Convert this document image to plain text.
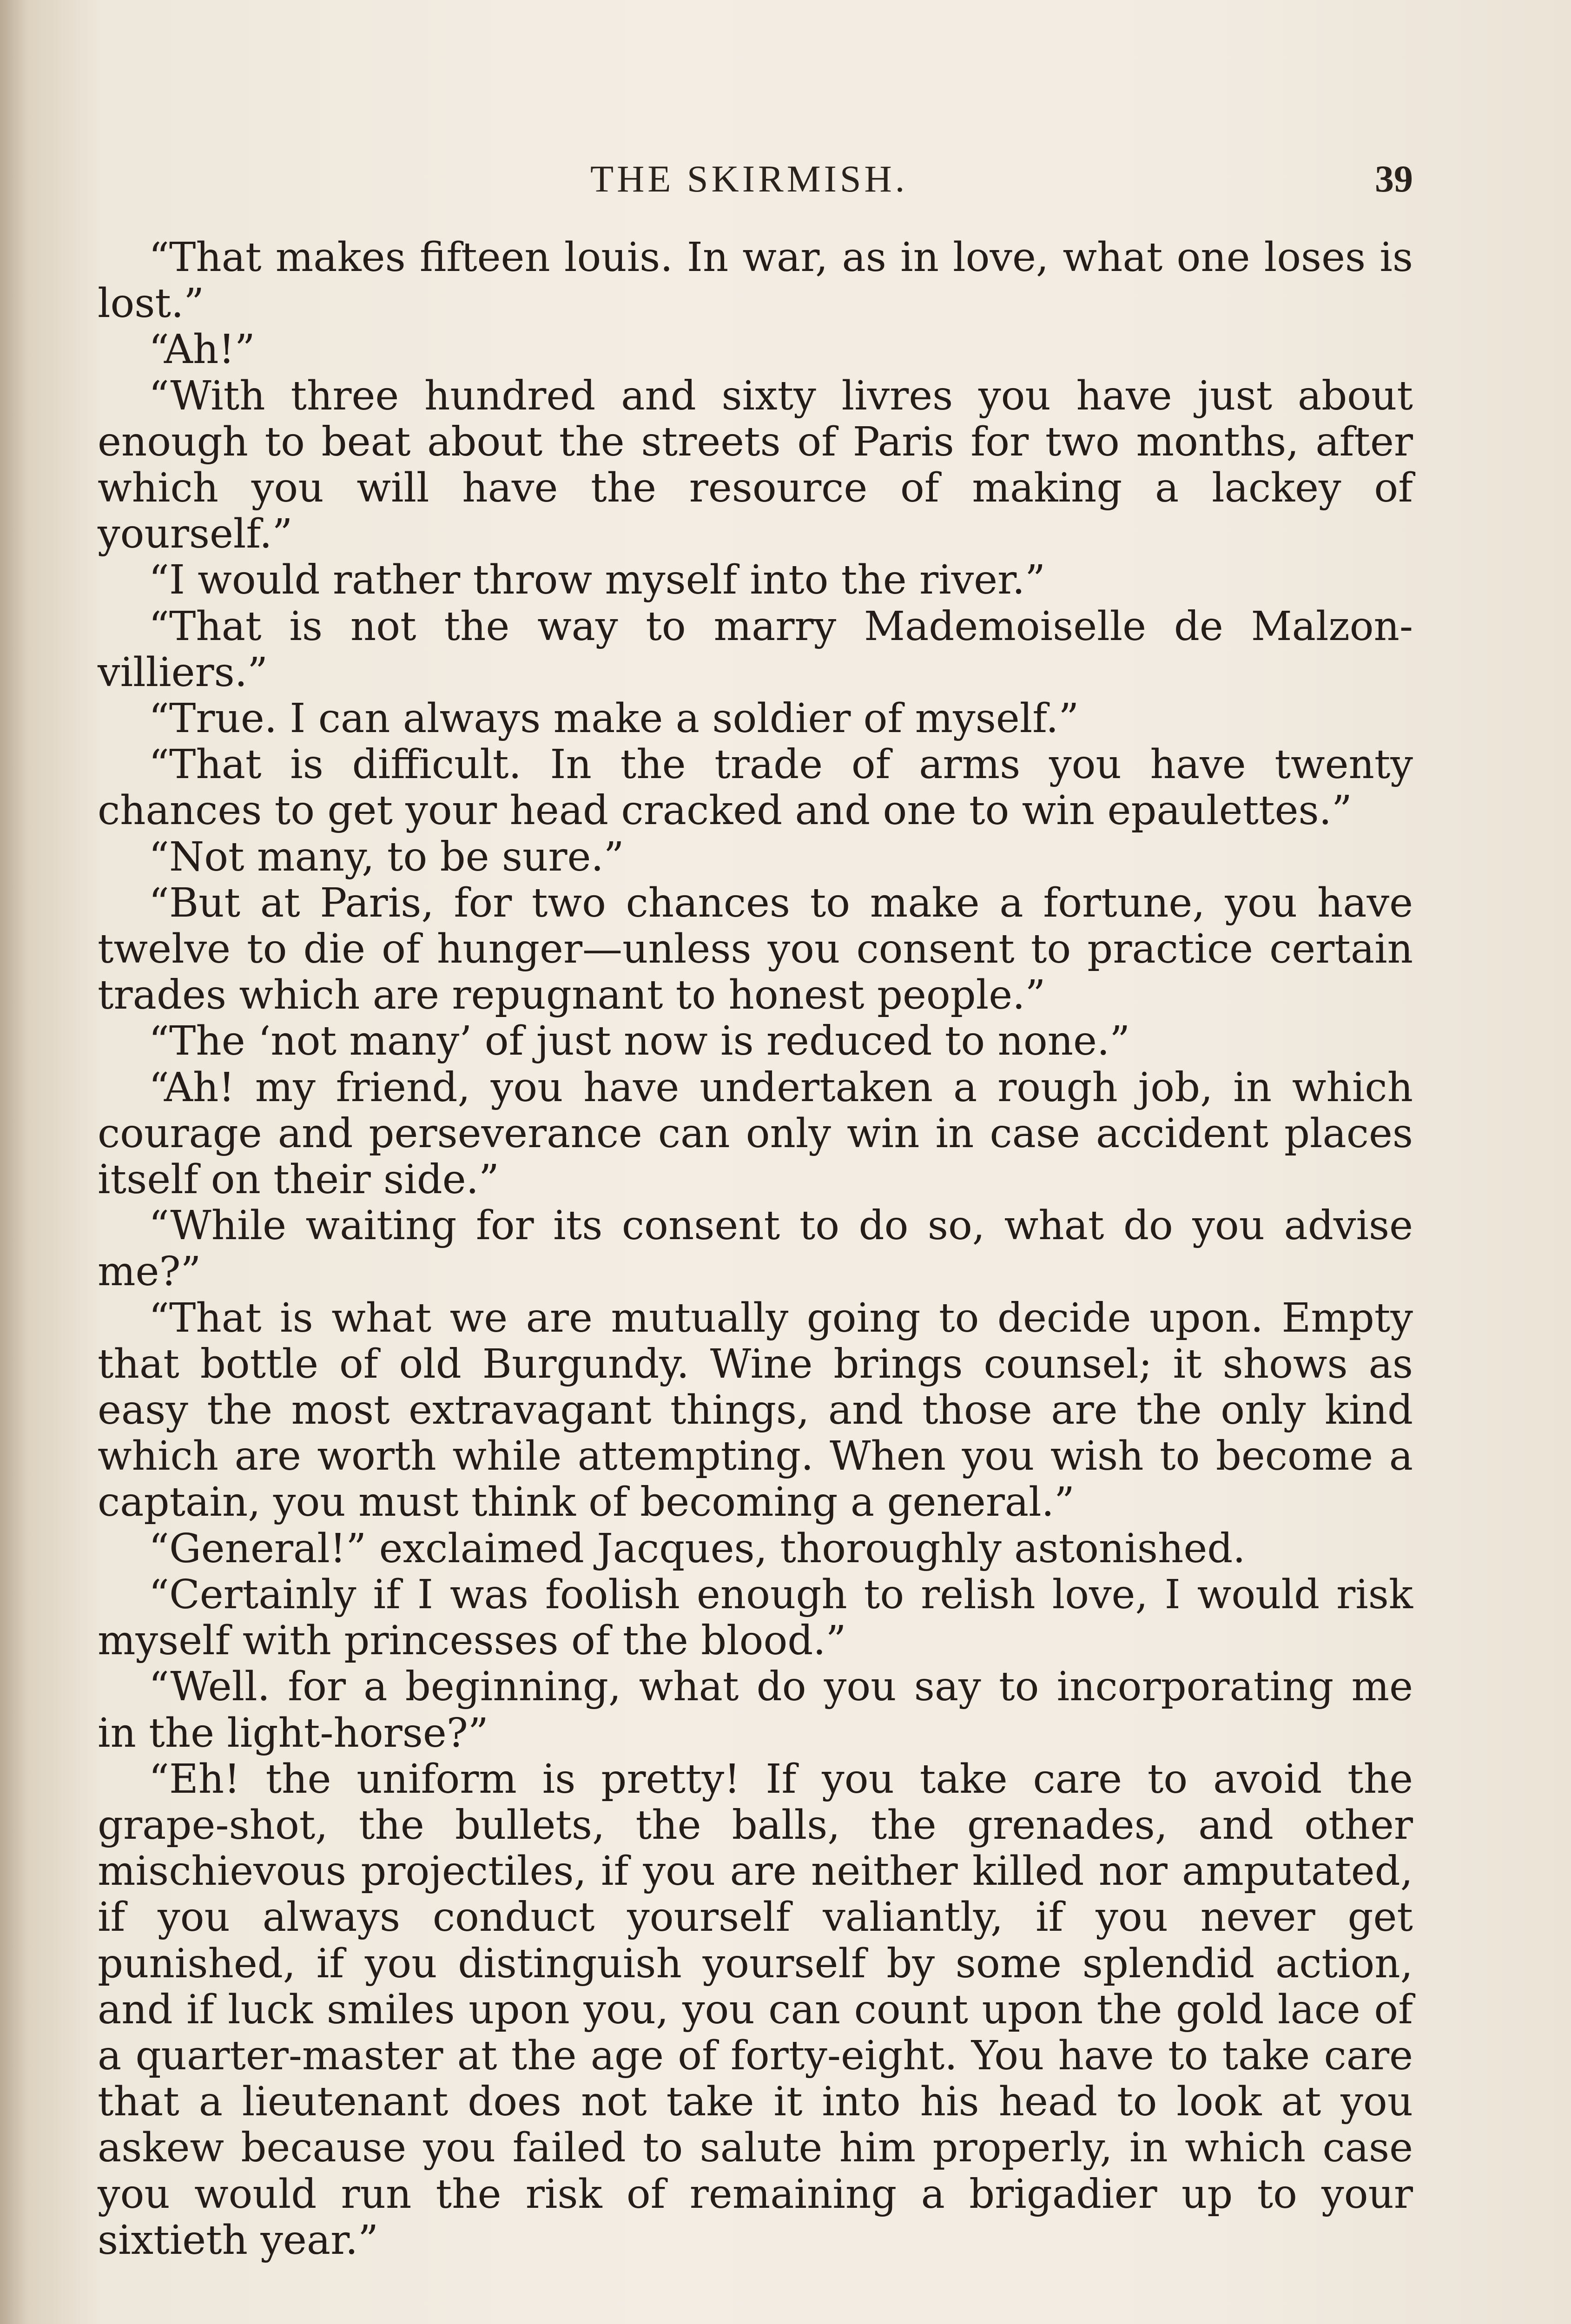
THE SKIRMISH.	39

“That makes fifteen louis. In war, as in love, what one loses is lost.”

“Ah!”

“With three hundred and sixty livres you have just about enough to beat about the streets of Paris for two months, after which you will have the resource of making a lackey of yourself.”

“I would rather throw myself into the river.”

“That is not the way to marry Mademoiselle de Malzonvilliers.”

“True. I can always make a soldier of myself.”

“That is difficult. In the trade of arms you have twenty chances to get your head cracked and one to win epaulettes.”

“Not many, to be sure.”

“But at Paris, for two chances to make a fortune, you have twelve to die of hunger—unless you consent to practice certain trades which are repugnant to honest people.”

“The ‘not many’ of just now is reduced to none.”

“Ah! my friend, you have undertaken a rough job, in which courage and perseverance can only win in case accident places itself on their side.”

“While waiting for its consent to do so, what do you advise me?”

“That is what we are mutually going to decide upon. Empty that bottle of old Burgundy. Wine brings counsel; it shows as easy the most extravagant things, and those are the only kind which are worth while attempting. When you wish to become a captain, you must think of becoming a general.”

“General!” exclaimed Jacques, thoroughly astonished.

“Certainly if I was foolish enough to relish love, I would risk myself with princesses of the blood.”

“Well. for a beginning, what do you say to incorporating me in the light-horse?”

“Eh! the uniform is pretty! If you take care to avoid the grape-shot, the bullets, the balls, the grenades, and other mischievous projectiles, if you are neither killed nor amputated, if you always conduct yourself valiantly, if you never get punished, if you distinguish yourself by some splendid action, and if luck smiles upon you, you can count upon the gold lace of a quarter-master at the age of forty-eight. You have to take care that a lieutenant does not take it into his head to look at you askew because you failed to salute him properly, in which case you would run the risk of remaining a brigadier up to your sixtieth year.”
